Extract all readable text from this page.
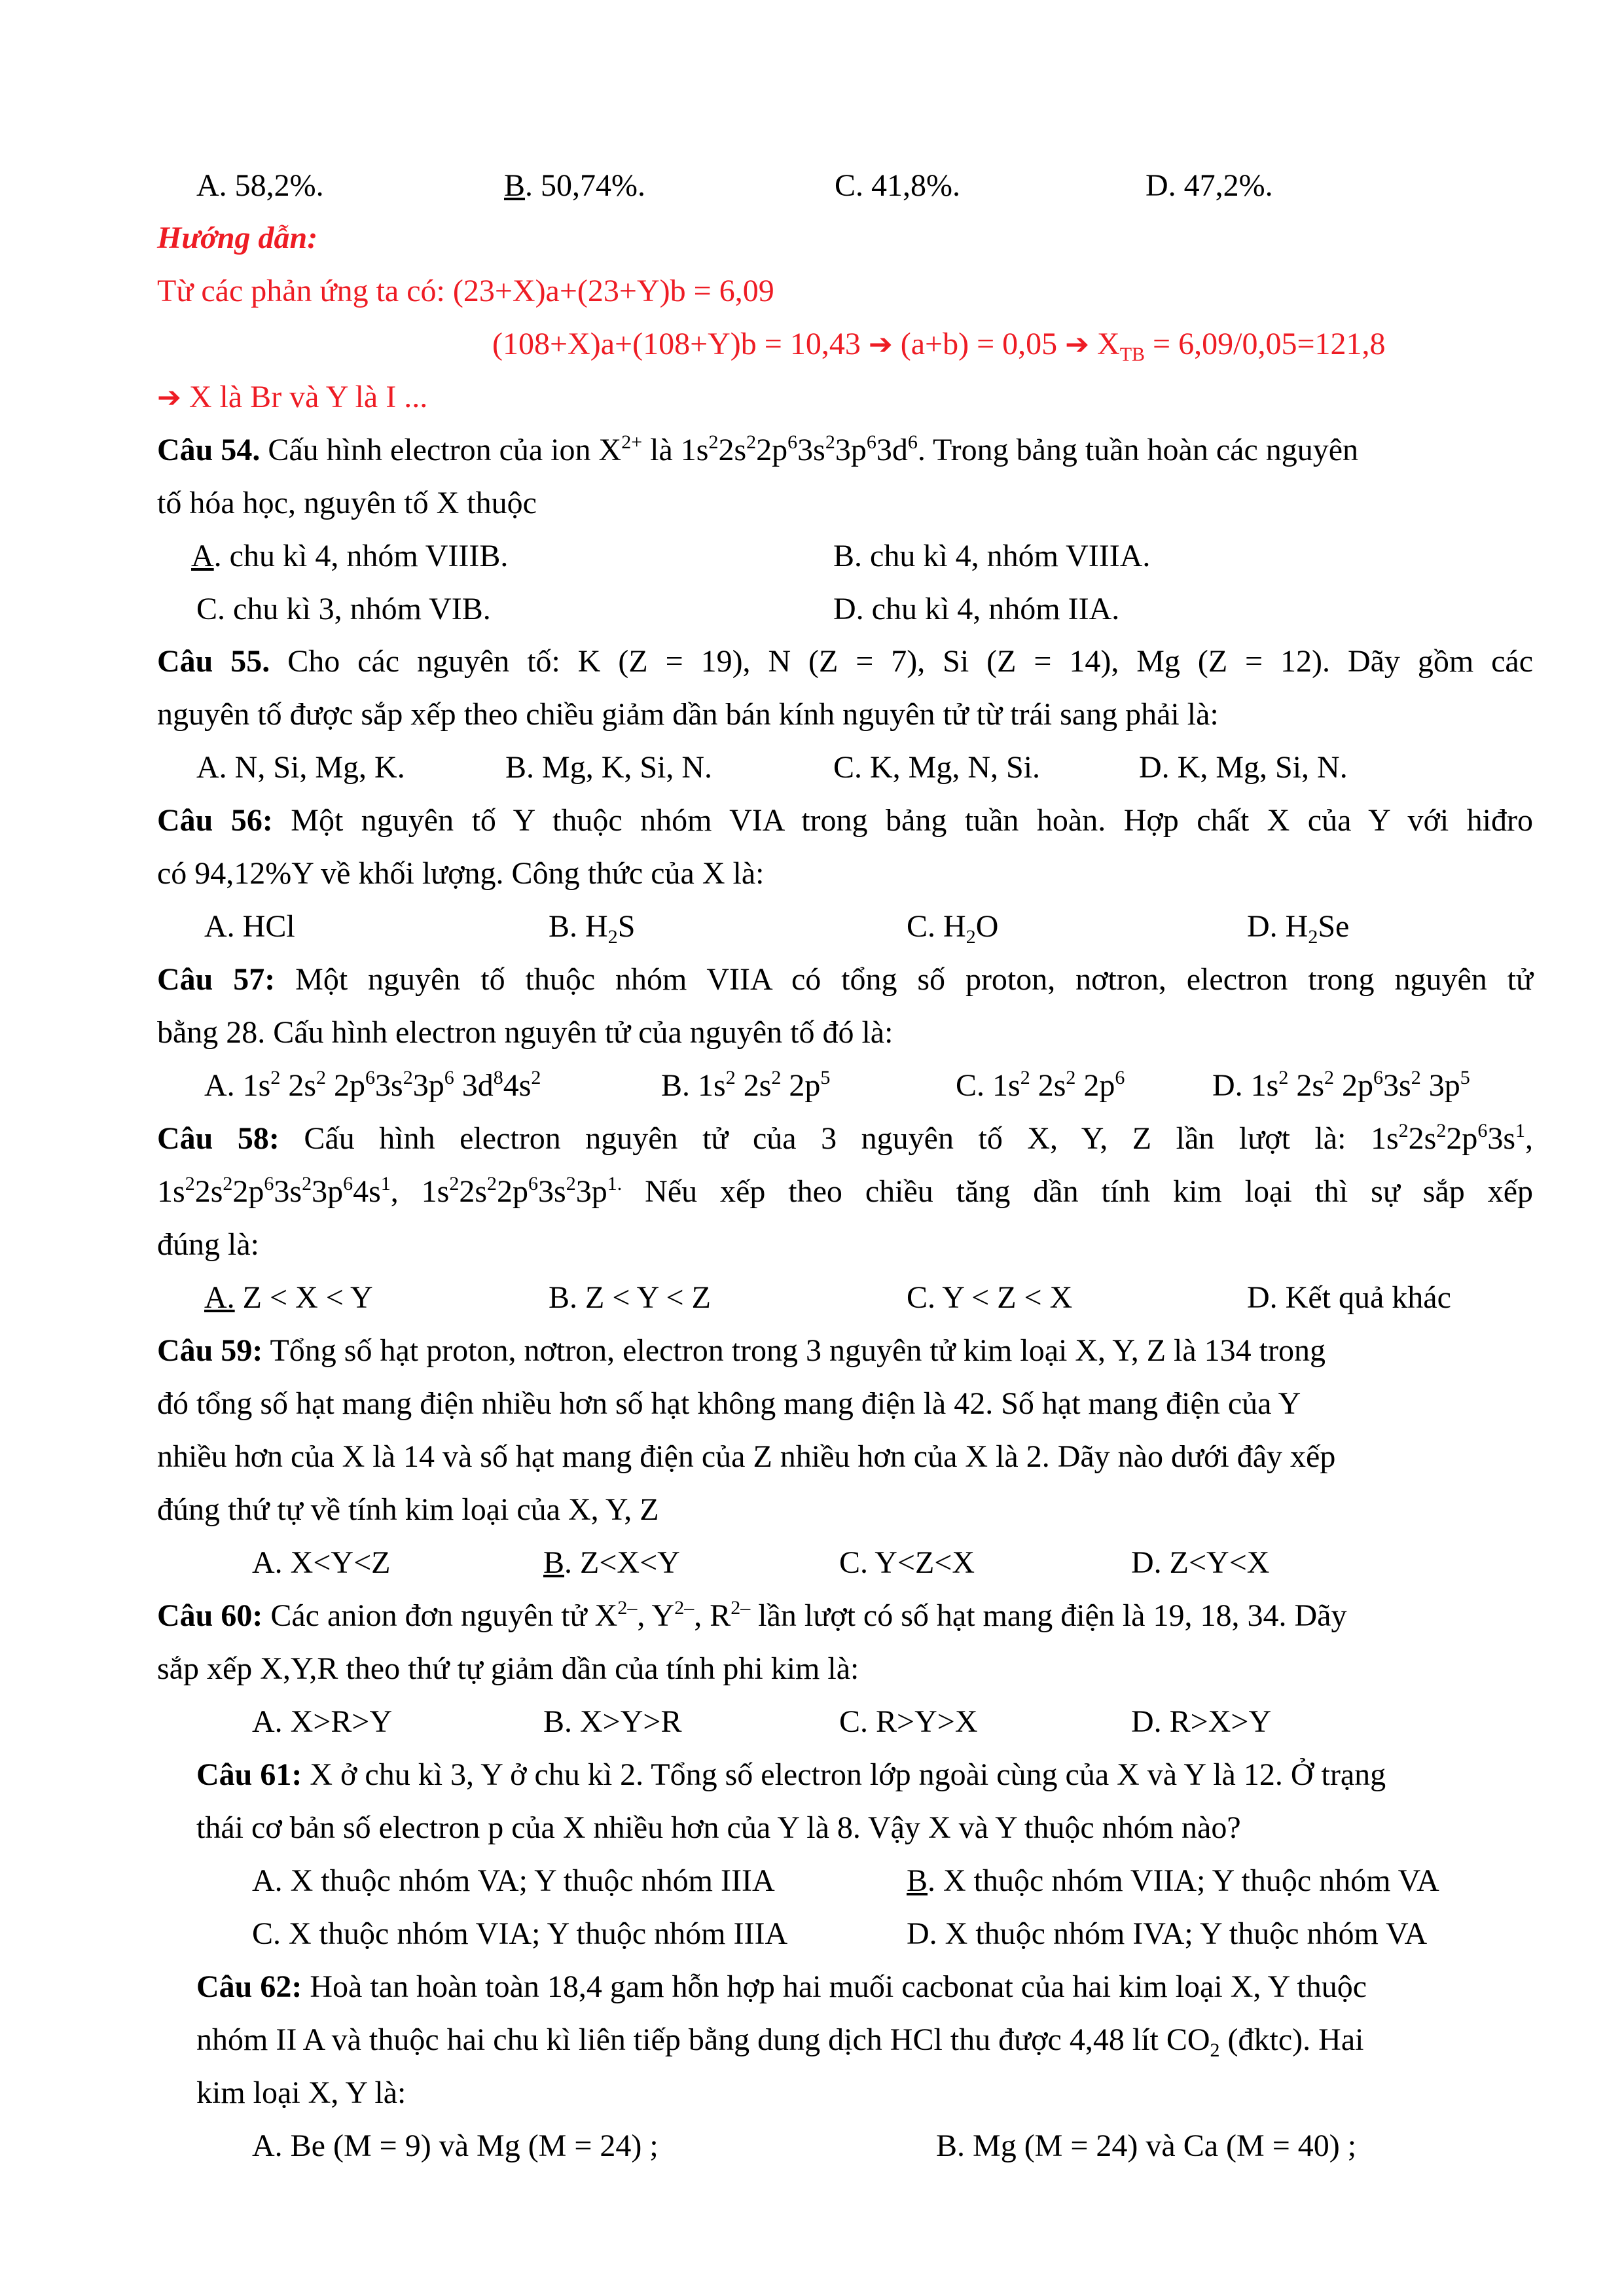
A. 58,2%.	B. 50,74%.	C. 41,8%.	D. 47,2%.
Hướng dẫn:
Từ các phản ứng ta có: (23+X)a+(23+Y)b = 6,09
(108+X)a+(108+Y)b = 10,43 ➔ (a+b) = 0,05 ➔ $X_{TB} = 6,09/0,05=121,8$
➔ X là Br và Y là I ...
Câu 54. Cấu hình electron của ion $X^{2+}$ là $1s^22s^22p^63s^23p^63d^6$. Trong bảng tuần hoàn các nguyên
tố hóa học, nguyên tố X thuộc
A. chu kì 4, nhóm VIIIB.	B. chu kì 4, nhóm VIIIA.
C. chu kì 3, nhóm VIB.	D. chu kì 4, nhóm IIA.
Câu 55. Cho các nguyên tố: K (Z = 19), N (Z = 7), Si (Z = 14), Mg (Z = 12). Dãy gồm các
nguyên tố được sắp xếp theo chiều giảm dần bán kính nguyên tử từ trái sang phải là:
A. N, Si, Mg, K.	B. Mg, K, Si, N.	C. K, Mg, N, Si.	D. K, Mg, Si, N.
Câu 56: Một nguyên tố Y thuộc nhóm VIA trong bảng tuần hoàn. Hợp chất X của Y với hiđro
có 94,12%Y về khối lượng. Công thức của X là:
A. HCl	B. $H_2S$	C. $H_2O$	D. $H_2Se$
Câu 57: Một nguyên tố thuộc nhóm VIIA có tổng số proton, nơtron, electron trong nguyên tử
bằng 28. Cấu hình electron nguyên tử của nguyên tố đó là:
A. $1s^2$ $2s^2$ $2p^63s^23p^6$ $3d^84s^2$	B. $1s^2$ $2s^2$ $2p^5$	C. $1s^2$ $2s^2$ $2p^6$	D. $1s^2$ $2s^2$ $2p^63s^2$ $3p^5$
Câu 58: Cấu hình electron nguyên tử của 3 nguyên tố X, Y, Z lần lượt là: $1s^22s^22p^63s^1$,
$1s^22s^22p^63s^23p^64s^1$, $1s^22s^22p^63s^23p^{1.}$ Nếu xếp theo chiều tăng dần tính kim loại thì sự sắp xếp
đúng là:
A. Z < X < Y	B. Z < Y < Z	C. Y < Z < X	D. Kết quả khác
Câu 59: Tổng số hạt proton, nơtron, electron trong 3 nguyên tử kim loại X, Y, Z là 134 trong
đó tổng số hạt mang điện nhiều hơn số hạt không mang điện là 42. Số hạt mang điện của Y
nhiều hơn của X là 14 và số hạt mang điện của Z nhiều hơn của X là 2. Dãy nào dưới đây xếp
đúng thứ tự về tính kim loại của X, Y, Z
A. X<Y<Z	B. Z<X<Y	C. Y<Z<X	D. Z<Y<X
Câu 60: Các anion đơn nguyên tử $X^{2-}$, $Y^{2-}$, $R^{2-}$ lần lượt có số hạt mang điện là 19, 18, 34. Dãy
sắp xếp X,Y,R theo thứ tự giảm dần của tính phi kim là:
A. X>R>Y	B. X>Y>R	C. R>Y>X	D. R>X>Y
Câu 61: X ở chu kì 3, Y ở chu kì 2. Tổng số electron lớp ngoài cùng của X và Y là 12. Ở trạng
thái cơ bản số electron p của X nhiều hơn của Y là 8. Vậy X và Y thuộc nhóm nào?
A. X thuộc nhóm VA; Y thuộc nhóm IIIA	B. X thuộc nhóm VIIA; Y thuộc nhóm VA
C. X thuộc nhóm VIA; Y thuộc nhóm IIIA	D. X thuộc nhóm IVA; Y thuộc nhóm VA
Câu 62: Hoà tan hoàn toàn 18,4 gam hỗn hợp hai muối cacbonat của hai kim loại X, Y thuộc
nhóm II A và thuộc hai chu kì liên tiếp bằng dung dịch HCl thu được 4,48 lít $CO_2$ (đktc). Hai
kim loại X, Y là:
A. Be (M = 9) và Mg (M = 24) ;	B. Mg (M = 24) và Ca (M = 40) ;
